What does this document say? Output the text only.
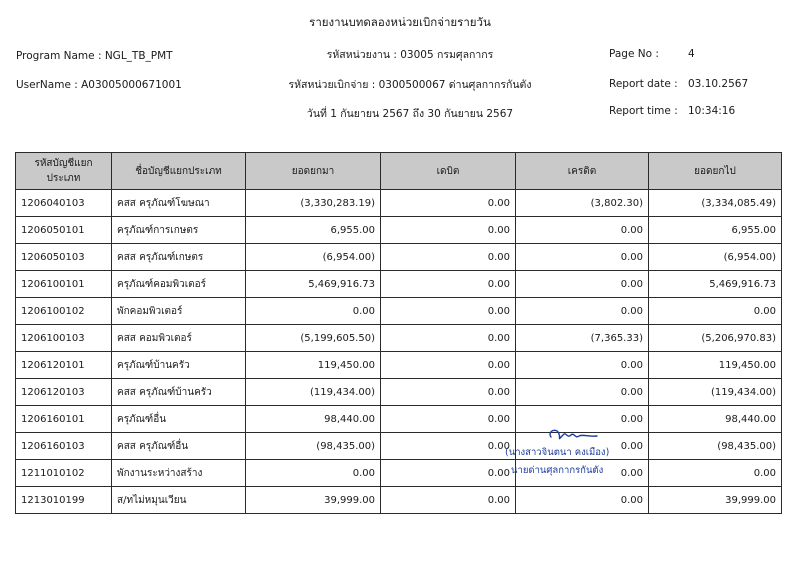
รายงานบทดลองหน่วยเบิกจ่ายรายวัน
Program Name : NGL_TB_PMT	รหัสหน่วยงาน : 03005 กรมศุลกากร	Page No :	4
UserName : A03005000671001	รหัสหน่วยเบิกจ่าย : 0300500067 ด่านศุลกากรกันตัง	Report date : 03.10.2567
วันที่ 1 กันยายน 2567 ถึง 30 กันยายน 2567	Report time : 10:34:16
รหัสบัญชีแยกประเภท	ชื่อบัญชีแยกประเภท	ยอดยกมา	เดบิต	เครดิต	ยอดยกไป
1206040103	คสส ครุภัณฑ์โฆษณา	(3,330,283.19)	0.00	(3,802.30)	(3,334,085.49)
1206050101	ครุภัณฑ์การเกษตร	6,955.00	0.00	0.00	6,955.00
1206050103	คสส ครุภัณฑ์เกษตร	(6,954.00)	0.00	0.00	(6,954.00)
1206100101	ครุภัณฑ์คอมพิวเตอร์	5,469,916.73	0.00	0.00	5,469,916.73
1206100102	พักคอมพิวเตอร์	0.00	0.00	0.00	0.00
1206100103	คสส คอมพิวเตอร์	(5,199,605.50)	0.00	(7,365.33)	(5,206,970.83)
1206120101	ครุภัณฑ์บ้านครัว	119,450.00	0.00	0.00	119,450.00
1206120103	คสส ครุภัณฑ์บ้านครัว	(119,434.00)	0.00	0.00	(119,434.00)
1206160101	ครุภัณฑ์อื่น	98,440.00	0.00	0.00	98,440.00
1206160103	คสส ครุภัณฑ์อื่น	(98,435.00)	0.00	0.00	(98,435.00)
1211010102	พักงานระหว่างสร้าง	0.00	0.00	0.00	0.00
1213010199	ส/ทไม่หมุนเวียน	39,999.00	0.00	0.00	39,999.00
(นางสาวจินตนา คงเมือง)
นายด่านศุลกากรกันตัง
